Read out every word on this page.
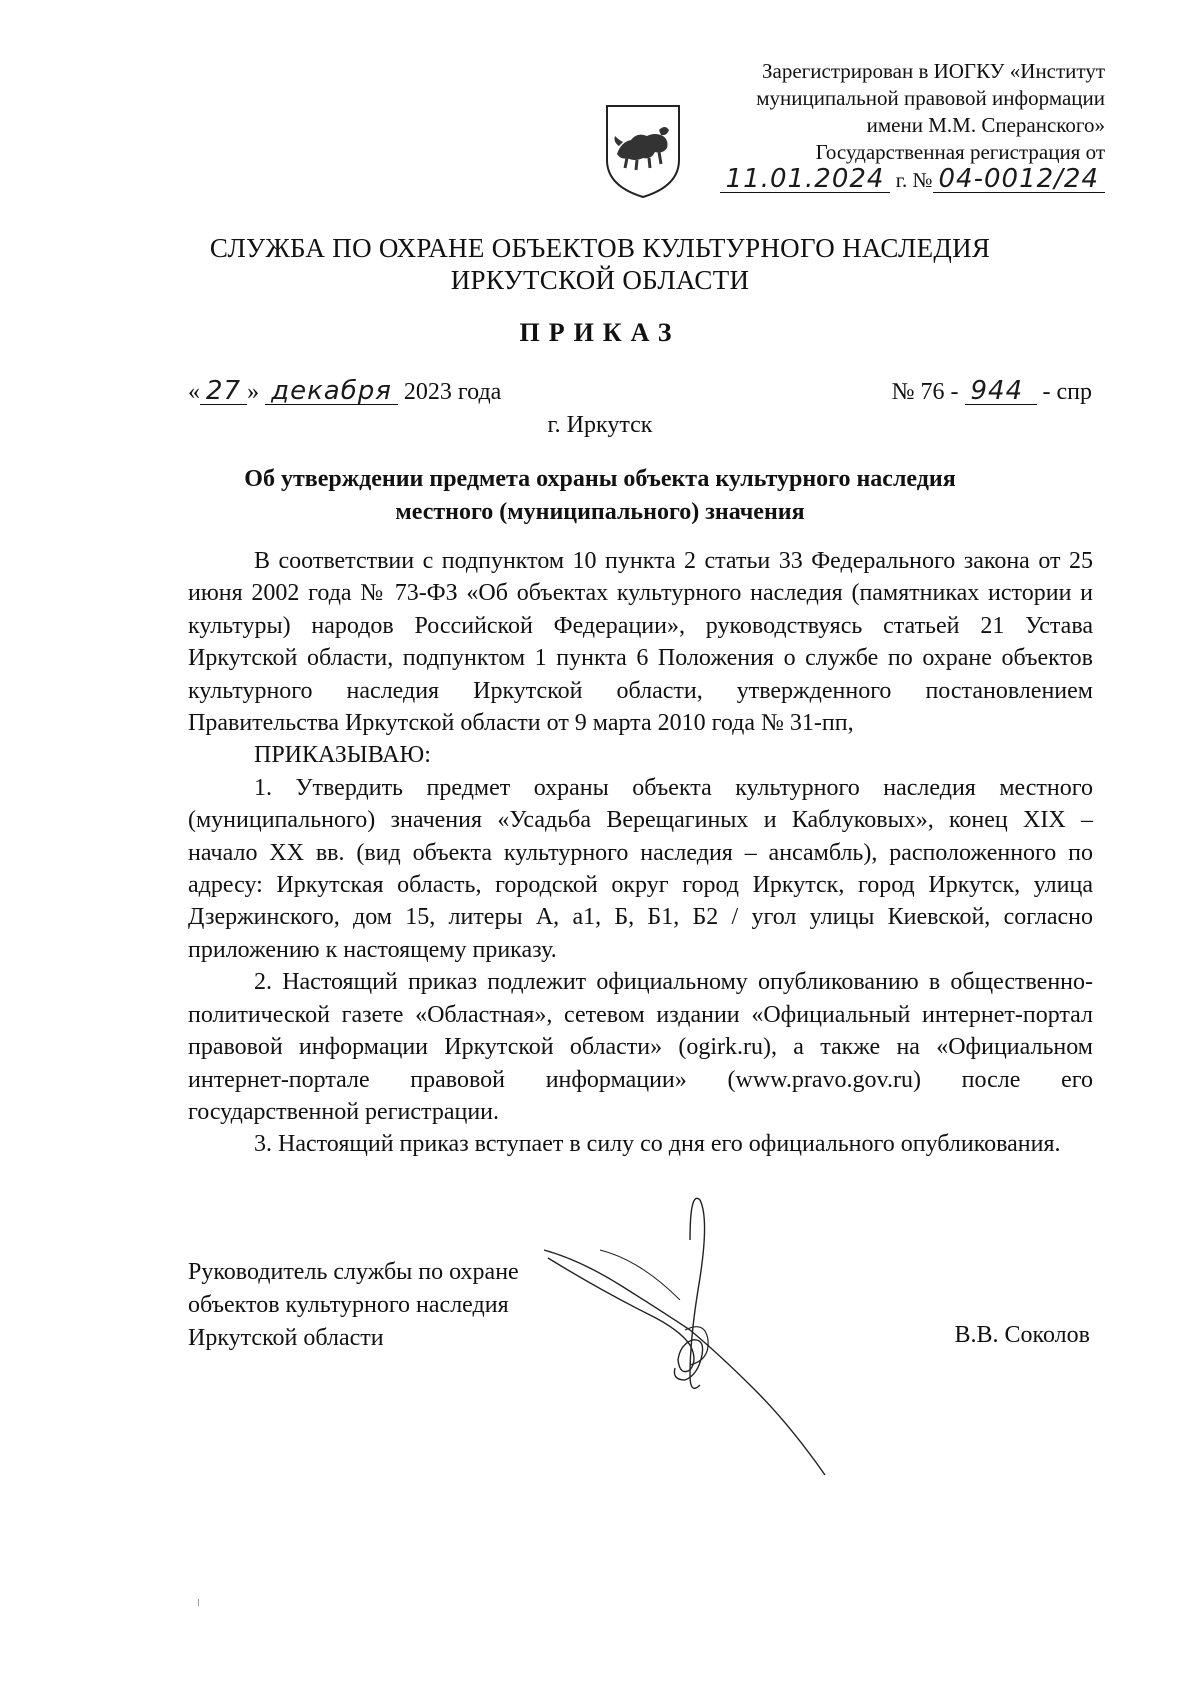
Зарегистрирован в ИОГКУ «Институт
муниципальной правовой информации
имени М.М. Сперанского»
Государственная регистрация от
11.01.2024 г. № 04-0012/24
СЛУЖБА ПО ОХРАНЕ ОБЪЕКТОВ КУЛЬТУРНОГО НАСЛЕДИЯ
ИРКУТСКОЙ ОБЛАСТИ
ПРИКАЗ
« 27 » декабря 2023 года	№ 76 - 944 - спр
г. Иркутск
Об утверждении предмета охраны объекта культурного наследия
местного (муниципального) значения

В соответствии с подпунктом 10 пункта 2 статьи 33 Федерального закона от 25 июня 2002 года № 73-ФЗ «Об объектах культурного наследия (памятниках истории и культуры) народов Российской Федерации», руководствуясь статьей 21 Устава Иркутской области, подпунктом 1 пункта 6 Положения о службе по охране объектов культурного наследия Иркутской области, утвержденного постановлением Правительства Иркутской области от 9 марта 2010 года № 31-пп,

ПРИКАЗЫВАЮ:

1. Утвердить предмет охраны объекта культурного наследия местного (муниципального) значения «Усадьба Верещагиных и Каблуковых», конец XIX – начало XX вв. (вид объекта культурного наследия – ансамбль), расположенного по адресу: Иркутская область, городской округ город Иркутск, город Иркутск, улица Дзержинского, дом 15, литеры А, а1, Б, Б1, Б2 / угол улицы Киевской, согласно приложению к настоящему приказу.

2. Настоящий приказ подлежит официальному опубликованию в общественно-политической газете «Областная», сетевом издании «Официальный интернет-портал правовой информации Иркутской области» (ogirk.ru), а также на «Официальном интернет-портале правовой информации» (www.pravo.gov.ru) после его государственной регистрации.

3. Настоящий приказ вступает в силу со дня его официального опубликования.

Руководитель службы по охране
объектов культурного наследия
Иркутской области	В.В. Соколов
